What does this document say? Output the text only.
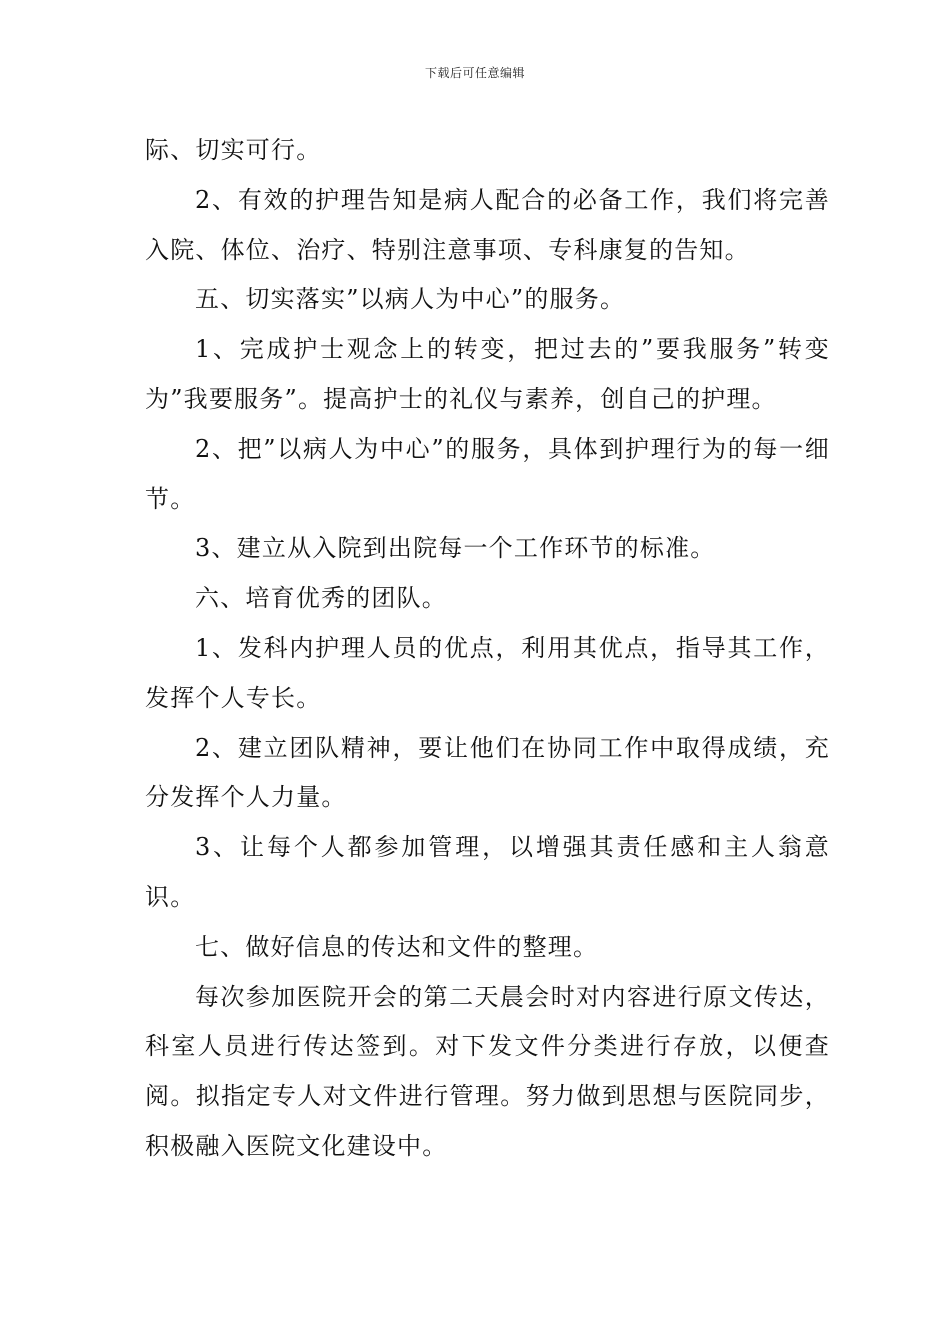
下载后可任意编辑

际、切实可行。

2、有效的护理告知是病人配合的必备工作，我们将完善入院、体位、治疗、特别注意事项、专科康复的告知。

五、切实落实”以病人为中心”的服务。

1、完成护士观念上的转变，把过去的”要我服务”转变为”我要服务”。提高护士的礼仪与素养，创自己的护理。

2、把”以病人为中心”的服务，具体到护理行为的每一细节。

3、建立从入院到出院每一个工作环节的标准。

六、培育优秀的团队。

1、发科内护理人员的优点，利用其优点，指导其工作，发挥个人专长。

2、建立团队精神，要让他们在协同工作中取得成绩，充分发挥个人力量。

3、让每个人都参加管理，以增强其责任感和主人翁意识。

七、做好信息的传达和文件的整理。

每次参加医院开会的第二天晨会时对内容进行原文传达，科室人员进行传达签到。对下发文件分类进行存放，以便查阅。拟指定专人对文件进行管理。努力做到思想与医院同步，积极融入医院文化建设中。
